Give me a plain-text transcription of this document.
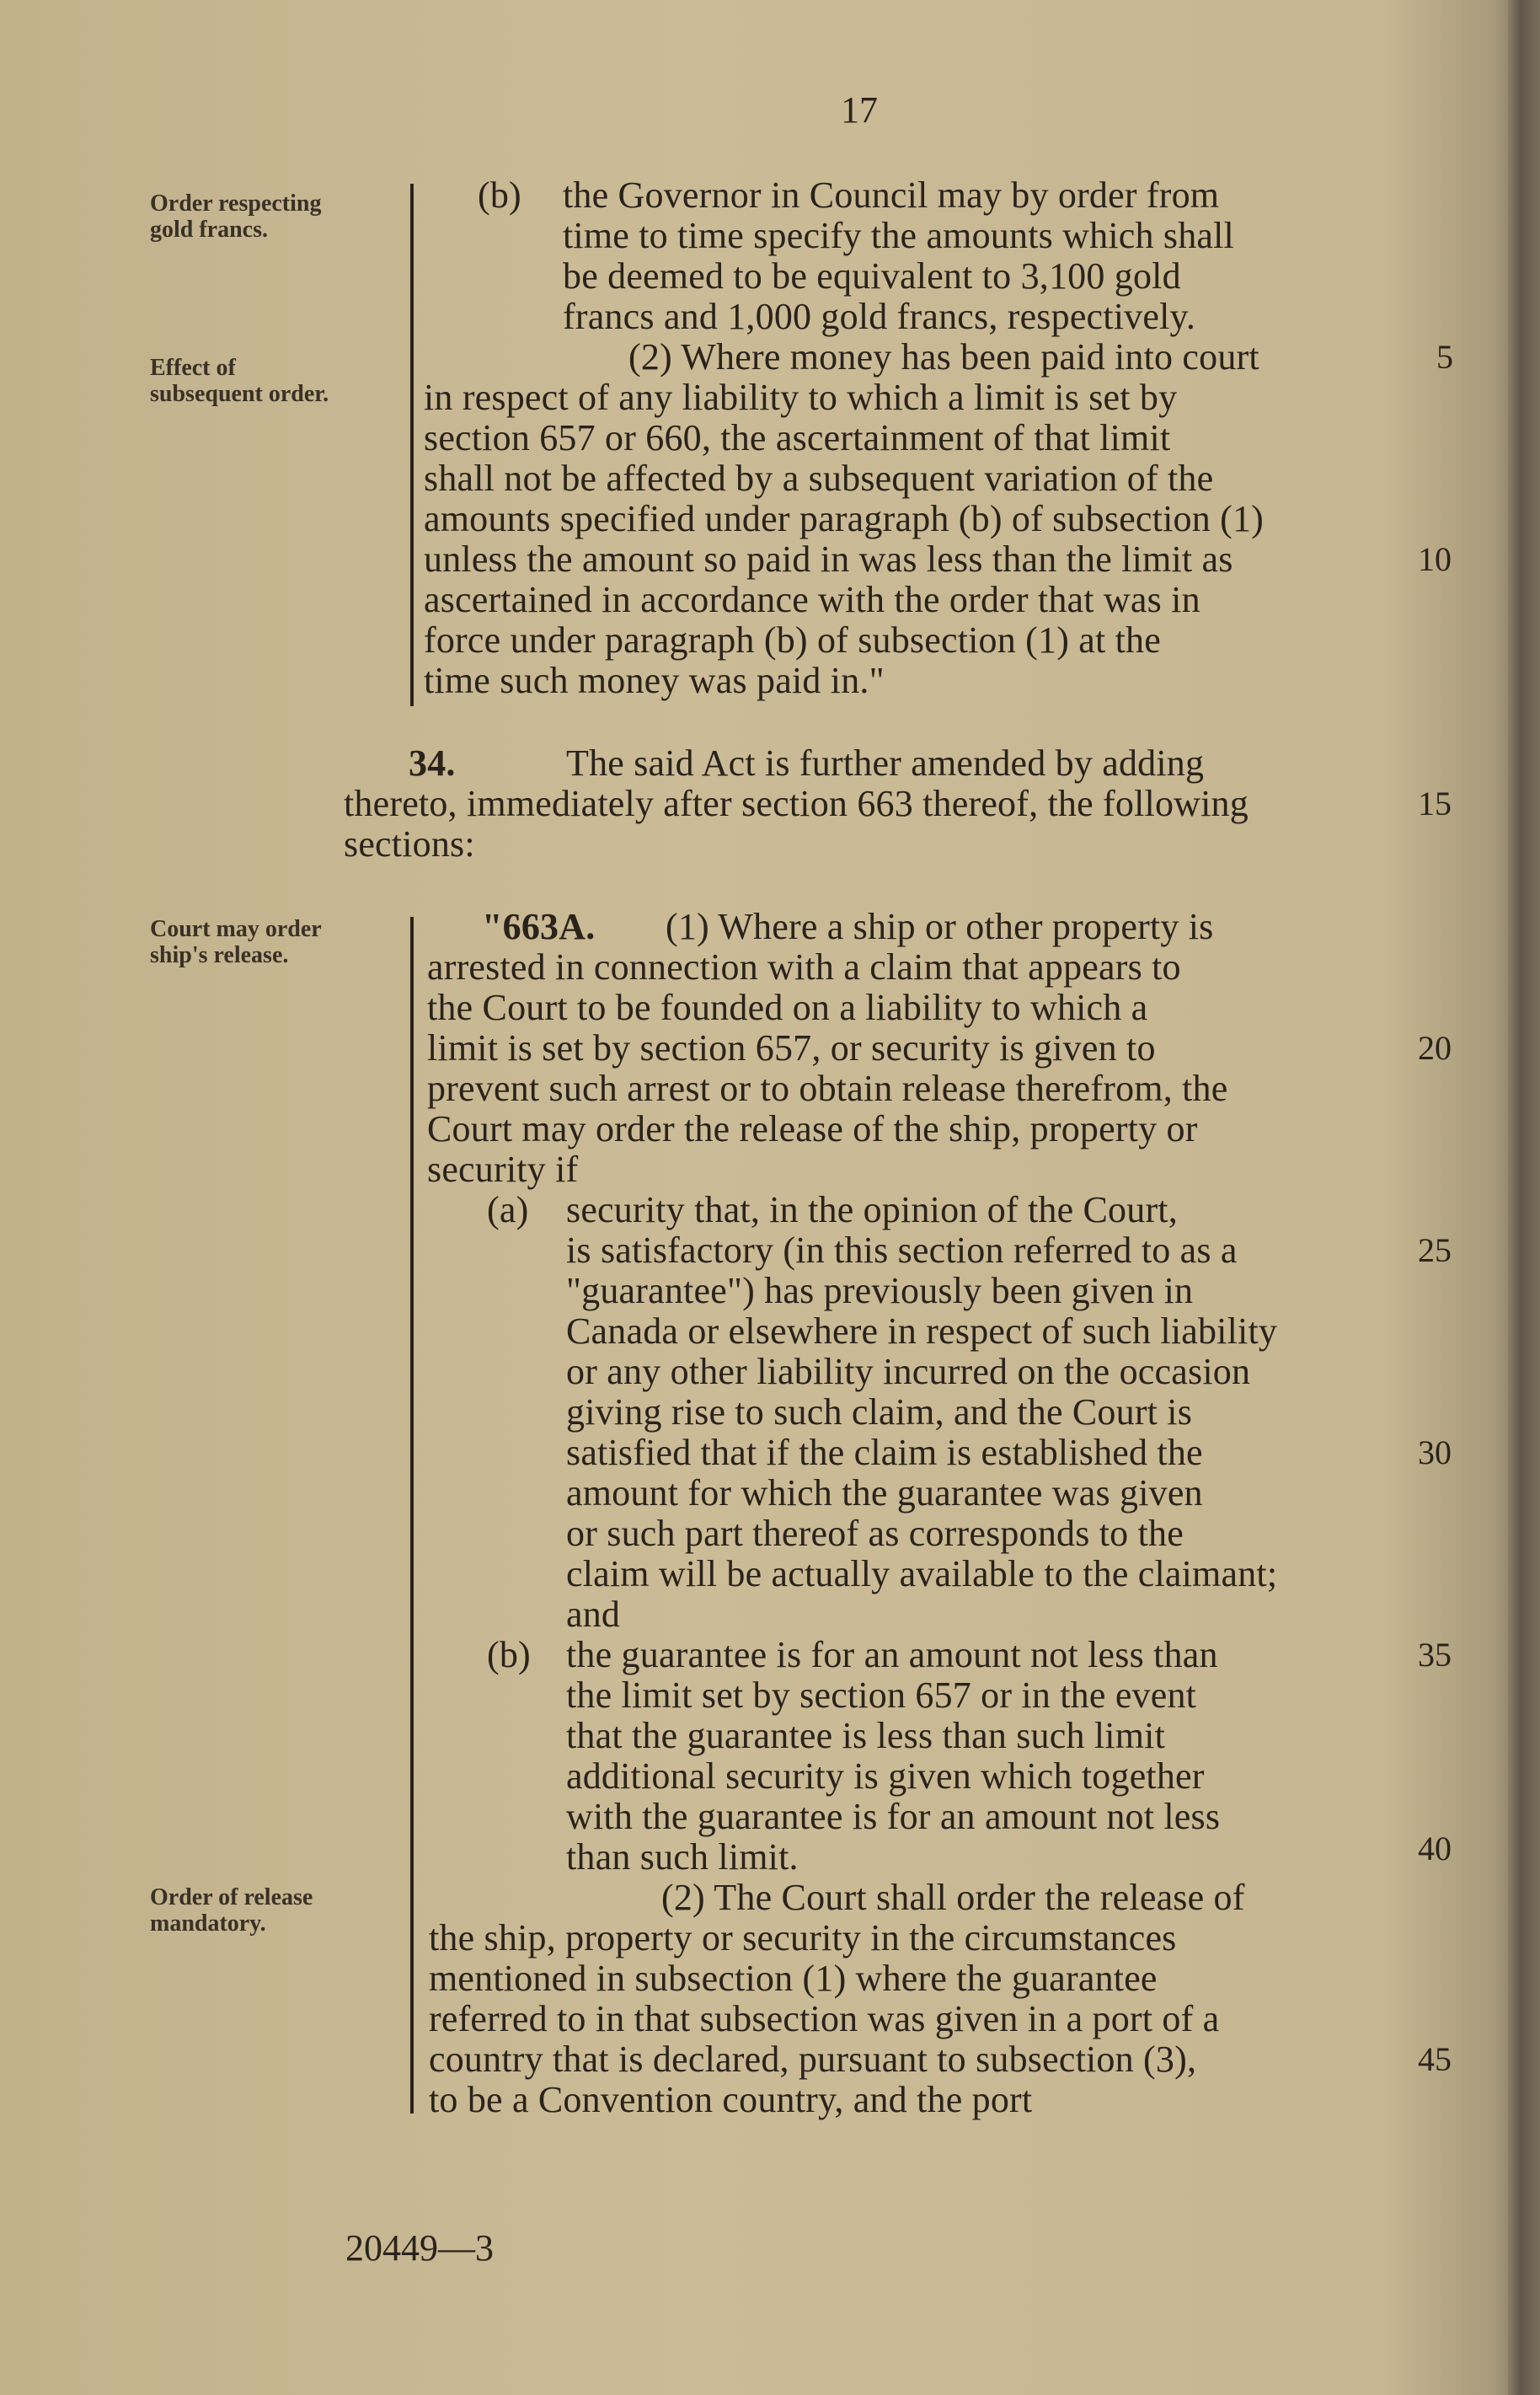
17
Order respecting gold francs.
Effect of subsequent order.
Court may order ship's release.
Order of release mandatory.
(b) the Governor in Council may by order from
time to time specify the amounts which shall
be deemed to be equivalent to 3,100 gold
francs and 1,000 gold francs, respectively.
(2) Where money has been paid into court
in respect of any liability to which a limit is set by
section 657 or 660, the ascertainment of that limit
shall not be affected by a subsequent variation of the
amounts specified under paragraph (b) of subsection (1)
unless the amount so paid in was less than the limit as
ascertained in accordance with the order that was in
force under paragraph (b) of subsection (1) at the
time such money was paid in."
34.	The said Act is further amended by adding
thereto, immediately after section 663 thereof, the following
sections:
"663A. (1) Where a ship or other property is
arrested in connection with a claim that appears to
the Court to be founded on a liability to which a
limit is set by section 657, or security is given to
prevent such arrest or to obtain release therefrom, the
Court may order the release of the ship, property or
security if
(a) security that, in the opinion of the Court,
is satisfactory (in this section referred to as a
"guarantee") has previously been given in
Canada or elsewhere in respect of such liability
or any other liability incurred on the occasion
giving rise to such claim, and the Court is
satisfied that if the claim is established the
amount for which the guarantee was given
or such part thereof as corresponds to the
claim will be actually available to the claimant;
and
(b) the guarantee is for an amount not less than
the limit set by section 657 or in the event
that the guarantee is less than such limit
additional security is given which together
with the guarantee is for an amount not less
than such limit.
(2) The Court shall order the release of
the ship, property or security in the circumstances
mentioned in subsection (1) where the guarantee
referred to in that subsection was given in a port of a
country that is declared, pursuant to subsection (3),
to be a Convention country, and the port
5
10
15
20
25
30
35
40
45
20449—3
